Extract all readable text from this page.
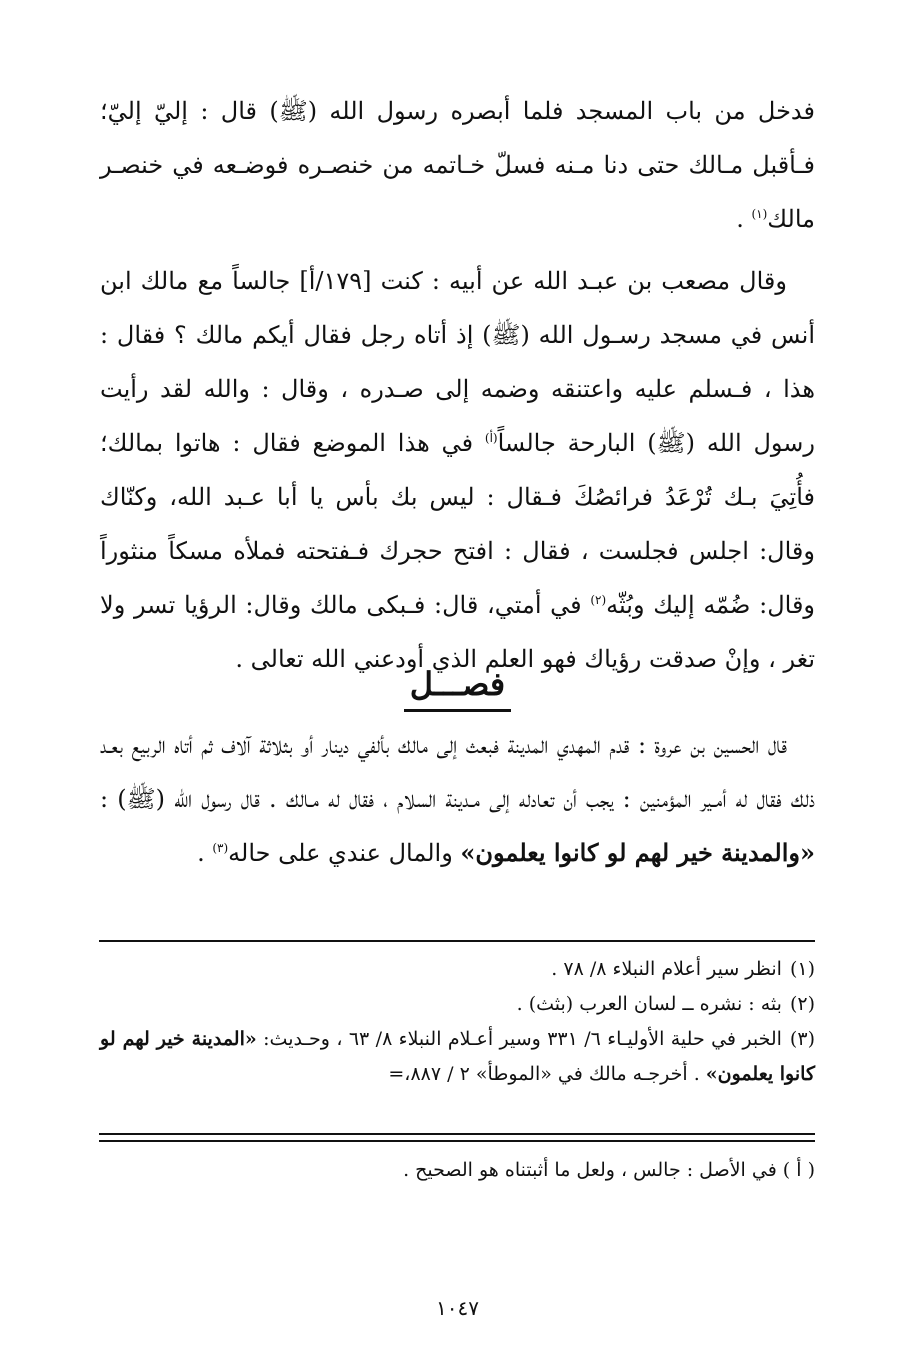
فدخل من باب المسجد فلما أبصره رسول الله (ﷺ) قال : إليّ إليّ؛ فـأقبل مـالك حتى دنا مـنه فسلّ خـاتمه من خنصـره فوضـعه في خنصـر مالك$^{(١)}$ .

وقال مصعب بن عبـد الله عن أبيه : كنت [١٧٩/أ] جالساً مع مالك ابن أنس في مسجد رسـول الله (ﷺ) إذ أتاه رجل فقال أيكم مالك ؟ فقال : هذا ، فـسلم عليه واعتنقه وضمه إلى صـدره ، وقال : والله لقد رأيت رسول الله (ﷺ) البارحة جالساً$^{(أ)}$ في هذا الموضع فقال : هاتوا بمالك؛ فأُتِيَ بـك تُرْعَدُ فرائصُكَ فـقال : ليس بك بأس يا أبا عـبد الله، وكنّاك وقال: اجلس فجلست ، فقال : افتح حجرك فـفتحته فملأه مسكاً منثوراً وقال: ضُمّه إليك وبُثّه$^{(٢)}$ في أمتي، قال: فـبكى مالك وقال: الرؤيا تسر ولا تغر ، وإنْ صدقت رؤياك فهو العلم الذي أودعني الله تعالى .

فصـــل

قال الحسين بن عروة : قدم المهدي المدينة فبعث إلى مالك بألفي دينار أو بثلاثة آلاف ثم أتاه الربيع بعـد ذلك فقال له أمـير المؤمنين : يجب أن تعادله إلى مـدينة السلام ، فقال له مـالك . قال رسول الله (ﷺ) : «والمدينة خير لهم لو كانوا يعلمون» والمال عندي على حاله$^{(٣)}$ .

(١)انظر سير أعلام النبلاء ٨/ ٧٨ .

(٢)بثه : نشره ــ لسان العرب (بثث) .

(٣)الخبر في حلية الأوليـاء ٦/ ٣٣١ وسير أعـلام النبلاء ٨/ ٦٣ ، وحـديث: «المدينة خير لهم لو كانوا يعلمون» . أخرجـه مالك في «الموطأ» ٢ / ٨٨٧،=

( أ ) في الأصل : جالس ، ولعل ما أثبتناه هو الصحيح .

١٠٤٧
